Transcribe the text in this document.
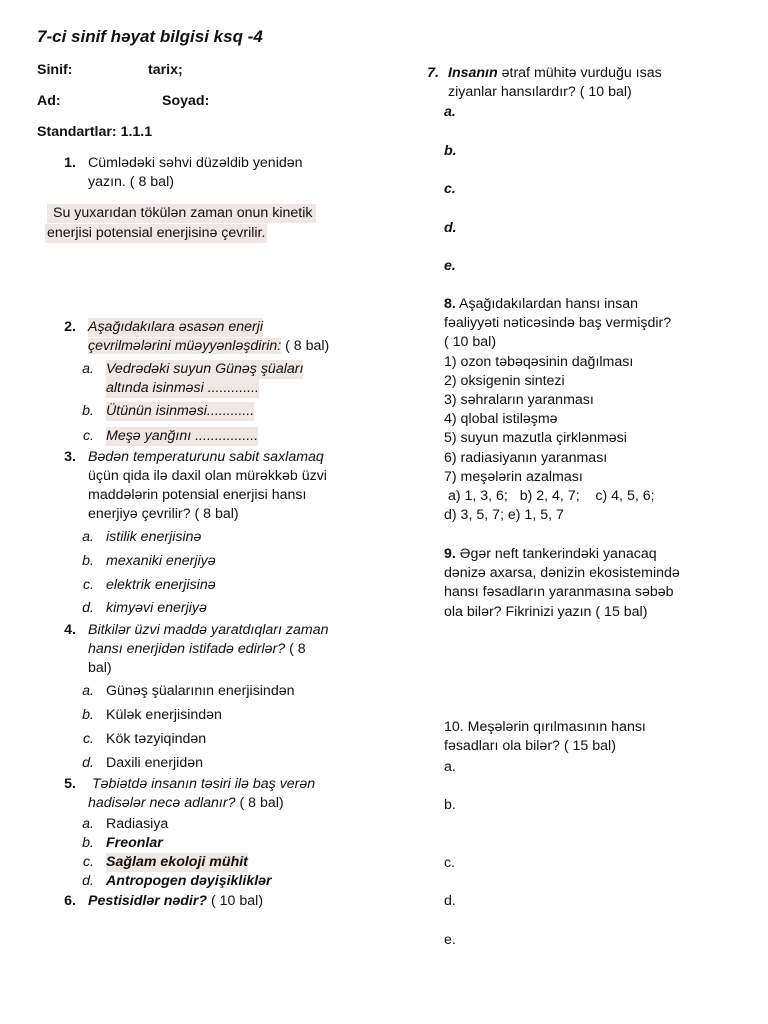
7-ci sinif həyat bilgisi ksq -4
Sinif:	tarix;
Ad:	Soyad:
Standartlar: 1.1.1
1. Cümlədəki səhvi düzəldib yenidən
yazın. ( 8 bal)
Su yuxarıdan tökülən zaman onun kinetik
enerjisi potensial enerjisinə çevrilir.
2. Aşağıdakılara əsasən enerji
çevrilmələrini müəyyənləşdirin: ( 8 bal)
a. Vedrədəki suyun Günəş şüaları
altında isinməsi .............
b. Ütünün isinməsi............
c. Meşə yanğını ................
3. Bədən temperaturunu sabit saxlamaq
üçün qida ilə daxil olan mürəkkəb üzvi
maddələrin potensial enerjisi hansı
enerjiyə çevrilir? ( 8 bal)
a. istilik enerjisinə
b. mexaniki enerjiyə
c. elektrik enerjisinə
d. kimyəvi enerjiyə
4. Bitkilər üzvi maddə yaratdıqları zaman
hansı enerjidən istifadə edirlər? ( 8
bal)
a. Günəş şüalarının enerjisindən
b. Külək enerjisindən
c. Kök təzyiqindən
d. Daxili enerjidən
5. Təbiətdə insanın təsiri ilə baş verən
hadisələr necə adlanır? ( 8 bal)
a. Radiasiya
b. Freonlar
c. Sağlam ekoloji mühit
d. Antropogen dəyişikliklər
6. Pestisidlər nədir? ( 10 bal)
7. Insanın ətraf mühitə vurduğu ısas
ziyanlar hansılardır? ( 10 bal)
a.
b.
c.
d.
e.
8. Aşağıdakılardan hansı insan
fəaliyyəti nəticəsində baş vermişdir?
( 10 bal)
1) ozon təbəqəsinin dağılması
2) oksigenin sintezi
3) səhraların yaranması
4) qlobal istiləşmə
5) suyun mazutla çirklənməsi
6) radiasiyanın yaranması
7) meşələrin azalması
a) 1, 3, 6;   b) 2, 4, 7;    c) 4, 5, 6;
d) 3, 5, 7; e) 1, 5, 7
9. Əgər neft tankerindəki yanacaq
dənizə axarsa, dənizin ekosistemində
hansı fəsadların yaranmasına səbəb
ola bilər? Fikrinizi yazın ( 15 bal)
10. Meşələrin qırılmasının hansı
fəsadları ola bilər? ( 15 bal)
a.
b.
c.
d.
e.
